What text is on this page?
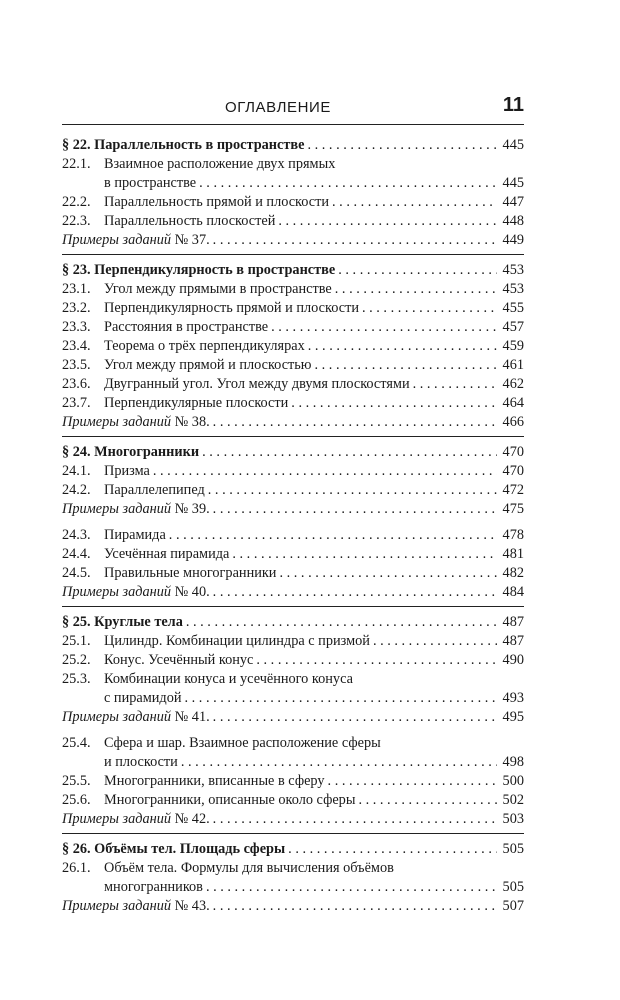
ОГЛАВЛЕНИЕ	11
§ 22. Параллельность в пространстве . . .	445
22.1. Взаимное расположение двух прямых
в пространстве . . .	445
22.2. Параллельность прямой и плоскости . . .	447
22.3. Параллельность плоскостей . . .	448
Примеры заданий № 37. . . .	449
§ 23. Перпендикулярность в пространстве . . .	453
23.1. Угол между прямыми в пространстве . . .	453
23.2. Перпендикулярность прямой и плоскости . . .	455
23.3. Расстояния в пространстве . . .	457
23.4. Теорема о трёх перпендикулярах . . .	459
23.5. Угол между прямой и плоскостью . . .	461
23.6. Двугранный угол. Угол между двумя плоскостями . . .	462
23.7. Перпендикулярные плоскости . . .	464
Примеры заданий № 38. . . .	466
§ 24. Многогранники . . .	470
24.1. Призма . . .	470
24.2. Параллелепипед . . .	472
Примеры заданий № 39. . . .	475
24.3. Пирамида . . .	478
24.4. Усечённая пирамида . . .	481
24.5. Правильные многогранники . . .	482
Примеры заданий № 40. . . .	484
§ 25. Круглые тела . . .	487
25.1. Цилиндр. Комбинации цилиндра с призмой . . .	487
25.2. Конус. Усечённый конус . . .	490
25.3. Комбинации конуса и усечённого конуса
с пирамидой . . .	493
Примеры заданий № 41. . . .	495
25.4. Сфера и шар. Взаимное расположение сферы
и плоскости . . .	498
25.5. Многогранники, вписанные в сферу . . .	500
25.6. Многогранники, описанные около сферы . . .	502
Примеры заданий № 42. . . .	503
§ 26. Объёмы тел. Площадь сферы . . .	505
26.1. Объём тела. Формулы для вычисления объёмов
многогранников . . .	505
Примеры заданий № 43. . . .	507
